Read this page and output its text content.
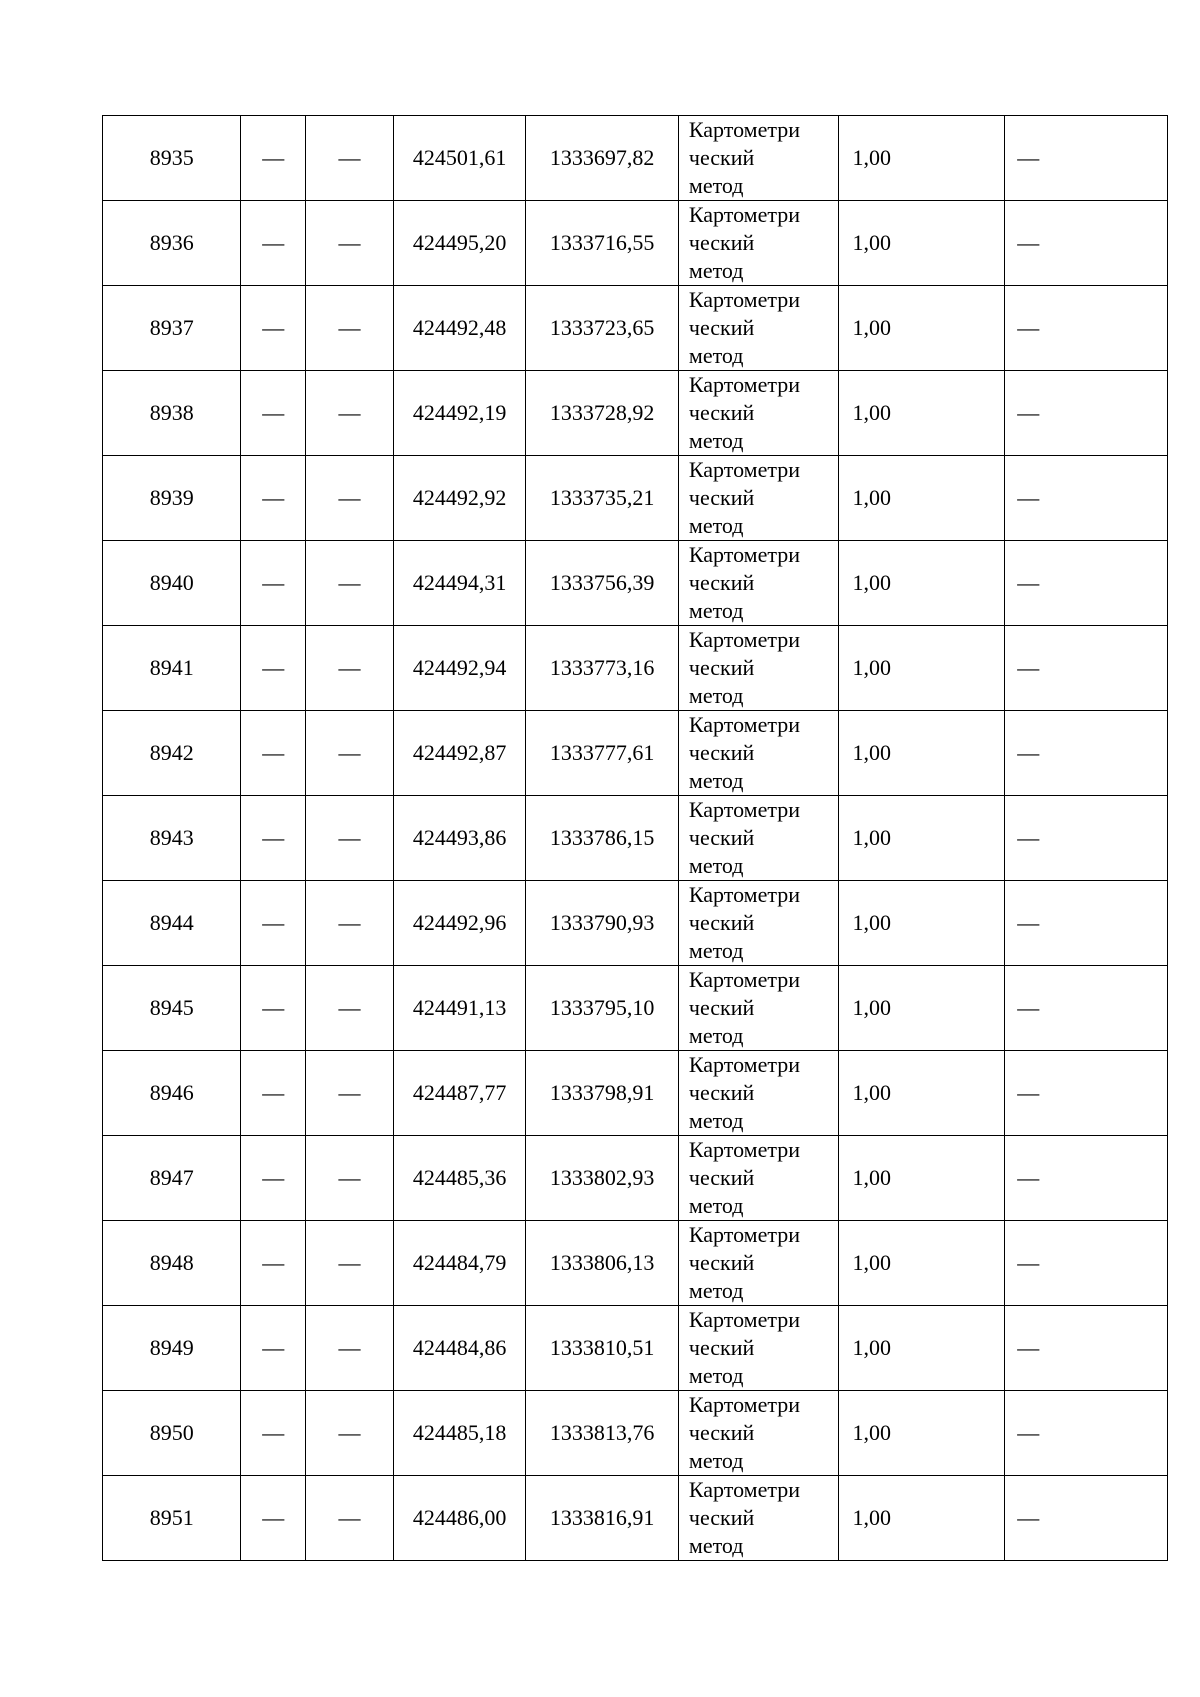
8935	—	—	424501,61	1333697,82	Картометри
ческий
метод	1,00	—
8936	—	—	424495,20	1333716,55	Картометри
ческий
метод	1,00	—
8937	—	—	424492,48	1333723,65	Картометри
ческий
метод	1,00	—
8938	—	—	424492,19	1333728,92	Картометри
ческий
метод	1,00	—
8939	—	—	424492,92	1333735,21	Картометри
ческий
метод	1,00	—
8940	—	—	424494,31	1333756,39	Картометри
ческий
метод	1,00	—
8941	—	—	424492,94	1333773,16	Картометри
ческий
метод	1,00	—
8942	—	—	424492,87	1333777,61	Картометри
ческий
метод	1,00	—
8943	—	—	424493,86	1333786,15	Картометри
ческий
метод	1,00	—
8944	—	—	424492,96	1333790,93	Картометри
ческий
метод	1,00	—
8945	—	—	424491,13	1333795,10	Картометри
ческий
метод	1,00	—
8946	—	—	424487,77	1333798,91	Картометри
ческий
метод	1,00	—
8947	—	—	424485,36	1333802,93	Картометри
ческий
метод	1,00	—
8948	—	—	424484,79	1333806,13	Картометри
ческий
метод	1,00	—
8949	—	—	424484,86	1333810,51	Картометри
ческий
метод	1,00	—
8950	—	—	424485,18	1333813,76	Картометри
ческий
метод	1,00	—
8951	—	—	424486,00	1333816,91	Картометри
ческий
метод	1,00	—
